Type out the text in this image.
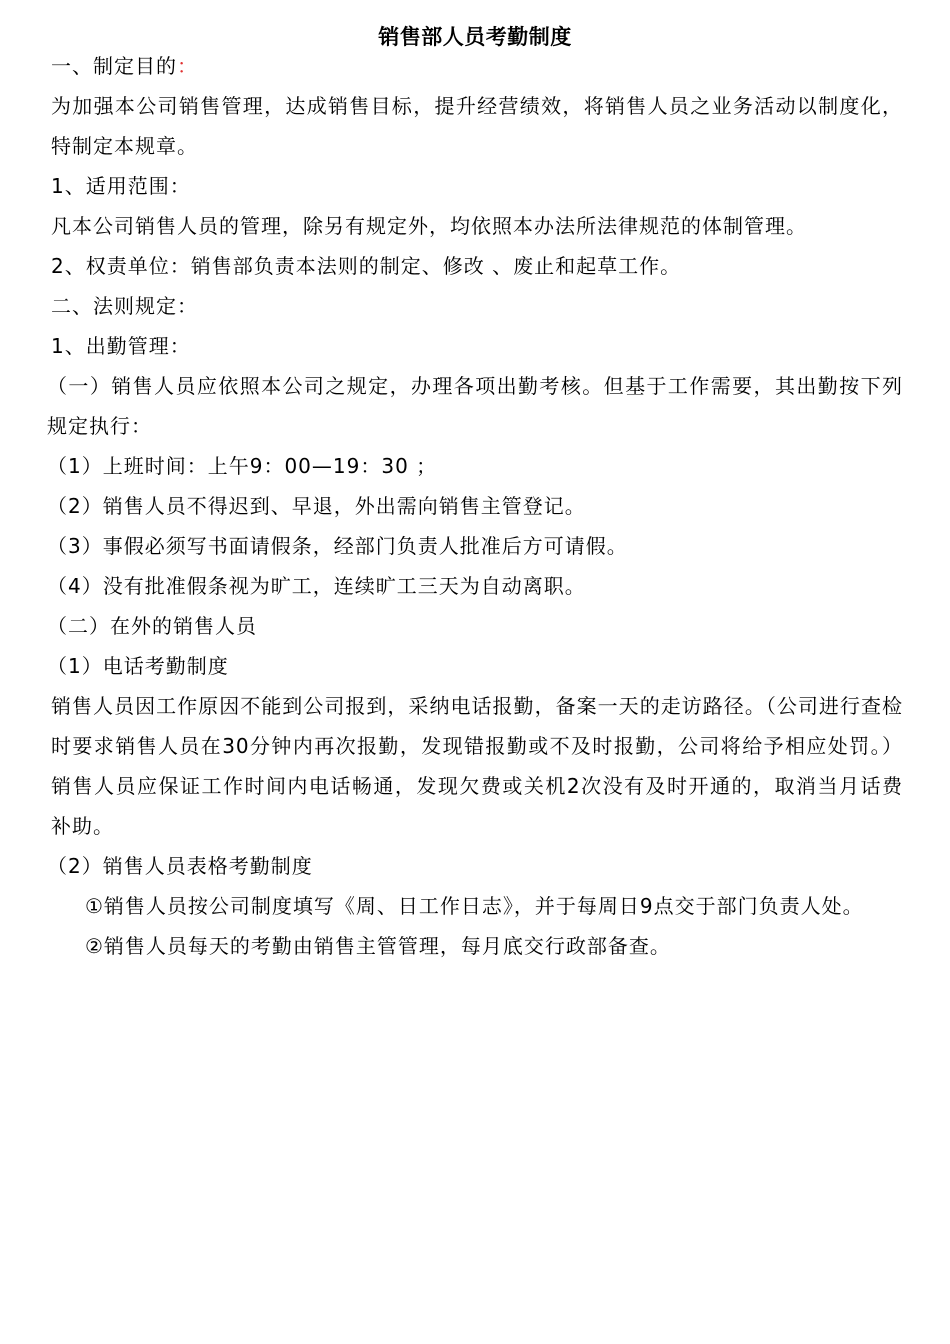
销售部人员考勤制度
一、制定目的：
为加强本公司销售管理，达成销售目标，提升经营绩效，将销售人员之业务活动以制度化，特制定本规章。
1、适用范围：
凡本公司销售人员的管理，除另有规定外，均依照本办法所法律规范的体制管理。
2、权责单位：销售部负责本法则的制定、修改 、废止和起草工作。
二、法则规定：
1、出勤管理：
（一）销售人员应依照本公司之规定，办理各项出勤考核。但基于工作需要，其出勤按下列规定执行：
（1）上班时间：上午9：00—19：30 ；
（2）销售人员不得迟到、早退，外出需向销售主管登记。
（3）事假必须写书面请假条，经部门负责人批准后方可请假。
（4）没有批准假条视为旷工，连续旷工三天为自动离职。
（二）在外的销售人员
（1）电话考勤制度
销售人员因工作原因不能到公司报到，采纳电话报勤，备案一天的走访路径。（公司进行查检时要求销售人员在30分钟内再次报勤，发现错报勤或不及时报勤，公司将给予相应处罚。）销售人员应保证工作时间内电话畅通，发现欠费或关机2次没有及时开通的，取消当月话费补助。
（2）销售人员表格考勤制度
①销售人员按公司制度填写《周、日工作日志》，并于每周日9点交于部门负责人处。
②销售人员每天的考勤由销售主管管理，每月底交行政部备查。
